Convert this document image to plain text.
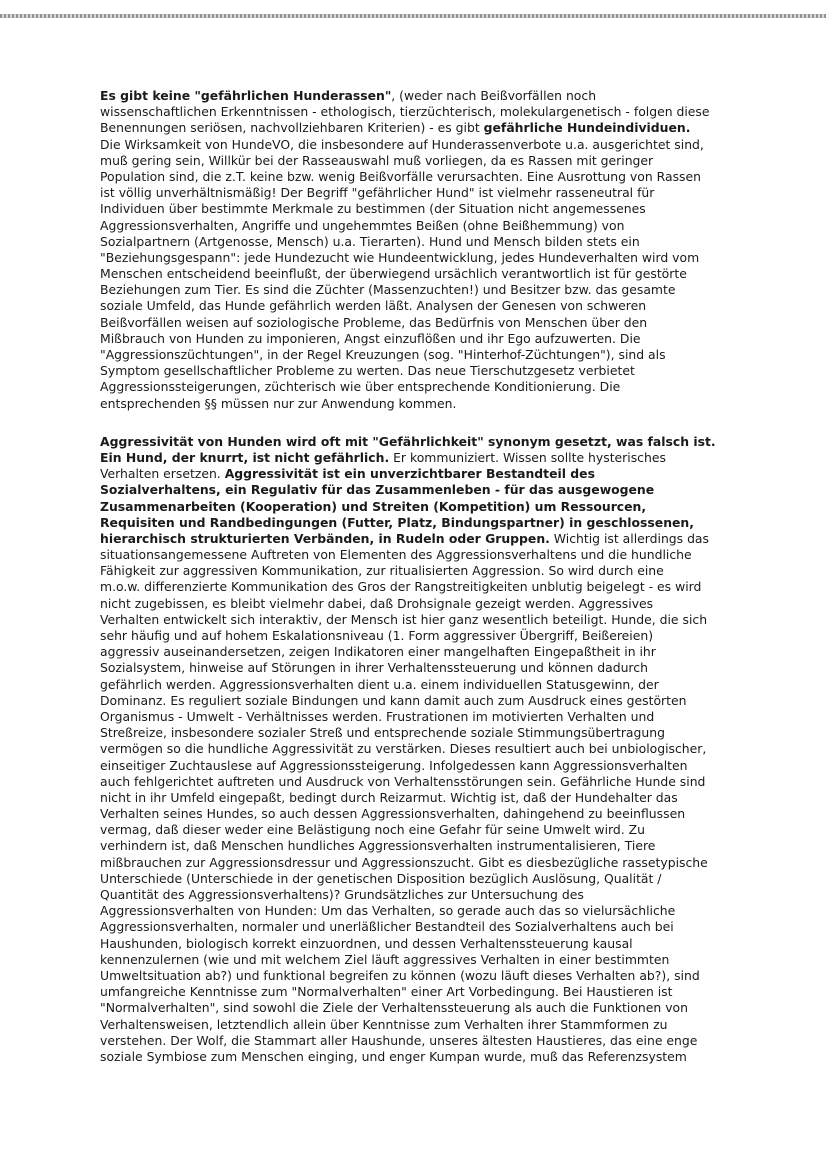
Es gibt keine "gefährlichen Hunderassen", (weder nach Beißvorfällen noch
wissenschaftlichen Erkenntnissen - ethologisch, tierzüchterisch, molekulargenetisch - folgen diese
Benennungen seriösen, nachvollziehbaren Kriterien) - es gibt gefährliche Hundeindividuen.
Die Wirksamkeit von HundeVO, die insbesondere auf Hunderassenverbote u.a. ausgerichtet sind,
muß gering sein, Willkür bei der Rasseauswahl muß vorliegen, da es Rassen mit geringer
Population sind, die z.T. keine bzw. wenig Beißvorfälle verursachten. Eine Ausrottung von Rassen
ist völlig unverhältnismäßig! Der Begriff "gefährlicher Hund" ist vielmehr rasseneutral für
Individuen über bestimmte Merkmale zu bestimmen (der Situation nicht angemessenes
Aggressionsverhalten, Angriffe und ungehemmtes Beißen (ohne Beißhemmung) von
Sozialpartnern (Artgenosse, Mensch) u.a. Tierarten). Hund und Mensch bilden stets ein
"Beziehungsgespann": jede Hundezucht wie Hundeentwicklung, jedes Hundeverhalten wird vom
Menschen entscheidend beeinflußt, der überwiegend ursächlich verantwortlich ist für gestörte
Beziehungen zum Tier. Es sind die Züchter (Massenzuchten!) und Besitzer bzw. das gesamte
soziale Umfeld, das Hunde gefährlich werden läßt. Analysen der Genesen von schweren
Beißvorfällen weisen auf soziologische Probleme, das Bedürfnis von Menschen über den
Mißbrauch von Hunden zu imponieren, Angst einzuflößen und ihr Ego aufzuwerten. Die
"Aggressionszüchtungen", in der Regel Kreuzungen (sog. "Hinterhof-Züchtungen"), sind als
Symptom gesellschaftlicher Probleme zu werten. Das neue Tierschutzgesetz verbietet
Aggressionssteigerungen, züchterisch wie über entsprechende Konditionierung. Die
entsprechenden §§ müssen nur zur Anwendung kommen.

Aggressivität von Hunden wird oft mit "Gefährlichkeit" synonym gesetzt, was falsch ist.
Ein Hund, der knurrt, ist nicht gefährlich. Er kommuniziert. Wissen sollte hysterisches
Verhalten ersetzen. Aggressivität ist ein unverzichtbarer Bestandteil des
Sozialverhaltens, ein Regulativ für das Zusammenleben - für das ausgewogene
Zusammenarbeiten (Kooperation) und Streiten (Kompetition) um Ressourcen,
Requisiten und Randbedingungen (Futter, Platz, Bindungspartner) in geschlossenen,
hierarchisch strukturierten Verbänden, in Rudeln oder Gruppen. Wichtig ist allerdings das
situationsangemessene Auftreten von Elementen des Aggressionsverhaltens und die hundliche
Fähigkeit zur aggressiven Kommunikation, zur ritualisierten Aggression. So wird durch eine
m.o.w. differenzierte Kommunikation des Gros der Rangstreitigkeiten unblutig beigelegt - es wird
nicht zugebissen, es bleibt vielmehr dabei, daß Drohsignale gezeigt werden. Aggressives
Verhalten entwickelt sich interaktiv, der Mensch ist hier ganz wesentlich beteiligt. Hunde, die sich
sehr häufig und auf hohem Eskalationsniveau (1. Form aggressiver Übergriff, Beißereien)
aggressiv auseinandersetzen, zeigen Indikatoren einer mangelhaften Eingepaßtheit in ihr
Sozialsystem, hinweise auf Störungen in ihrer Verhaltenssteuerung und können dadurch
gefährlich werden. Aggressionsverhalten dient u.a. einem individuellen Statusgewinn, der
Dominanz. Es reguliert soziale Bindungen und kann damit auch zum Ausdruck eines gestörten
Organismus - Umwelt - Verhältnisses werden. Frustrationen im motivierten Verhalten und
Streßreize, insbesondere sozialer Streß und entsprechende soziale Stimmungsübertragung
vermögen so die hundliche Aggressivität zu verstärken. Dieses resultiert auch bei unbiologischer,
einseitiger Zuchtauslese auf Aggressionssteigerung. Infolgedessen kann Aggressionsverhalten
auch fehlgerichtet auftreten und Ausdruck von Verhaltensstörungen sein. Gefährliche Hunde sind
nicht in ihr Umfeld eingepaßt, bedingt durch Reizarmut. Wichtig ist, daß der Hundehalter das
Verhalten seines Hundes, so auch dessen Aggressionsverhalten, dahingehend zu beeinflussen
vermag, daß dieser weder eine Belästigung noch eine Gefahr für seine Umwelt wird. Zu
verhindern ist, daß Menschen hundliches Aggressionsverhalten instrumentalisieren, Tiere
mißbrauchen zur Aggressionsdressur und Aggressionszucht. Gibt es diesbezügliche rassetypische
Unterschiede (Unterschiede in der genetischen Disposition bezüglich Auslösung, Qualität /
Quantität des Aggressionsverhaltens)? Grundsätzliches zur Untersuchung des
Aggressionsverhalten von Hunden: Um das Verhalten, so gerade auch das so vielursächliche
Aggressionsverhalten, normaler und unerläßlicher Bestandteil des Sozialverhaltens auch bei
Haushunden, biologisch korrekt einzuordnen, und dessen Verhaltenssteuerung kausal
kennenzulernen (wie und mit welchem Ziel läuft aggressives Verhalten in einer bestimmten
Umweltsituation ab?) und funktional begreifen zu können (wozu läuft dieses Verhalten ab?), sind
umfangreiche Kenntnisse zum "Normalverhalten" einer Art Vorbedingung. Bei Haustieren ist
"Normalverhalten", sind sowohl die Ziele der Verhaltenssteuerung als auch die Funktionen von
Verhaltensweisen, letztendlich allein über Kenntnisse zum Verhalten ihrer Stammformen zu
verstehen. Der Wolf, die Stammart aller Haushunde, unseres ältesten Haustieres, das eine enge
soziale Symbiose zum Menschen einging, und enger Kumpan wurde, muß das Referenzsystem
